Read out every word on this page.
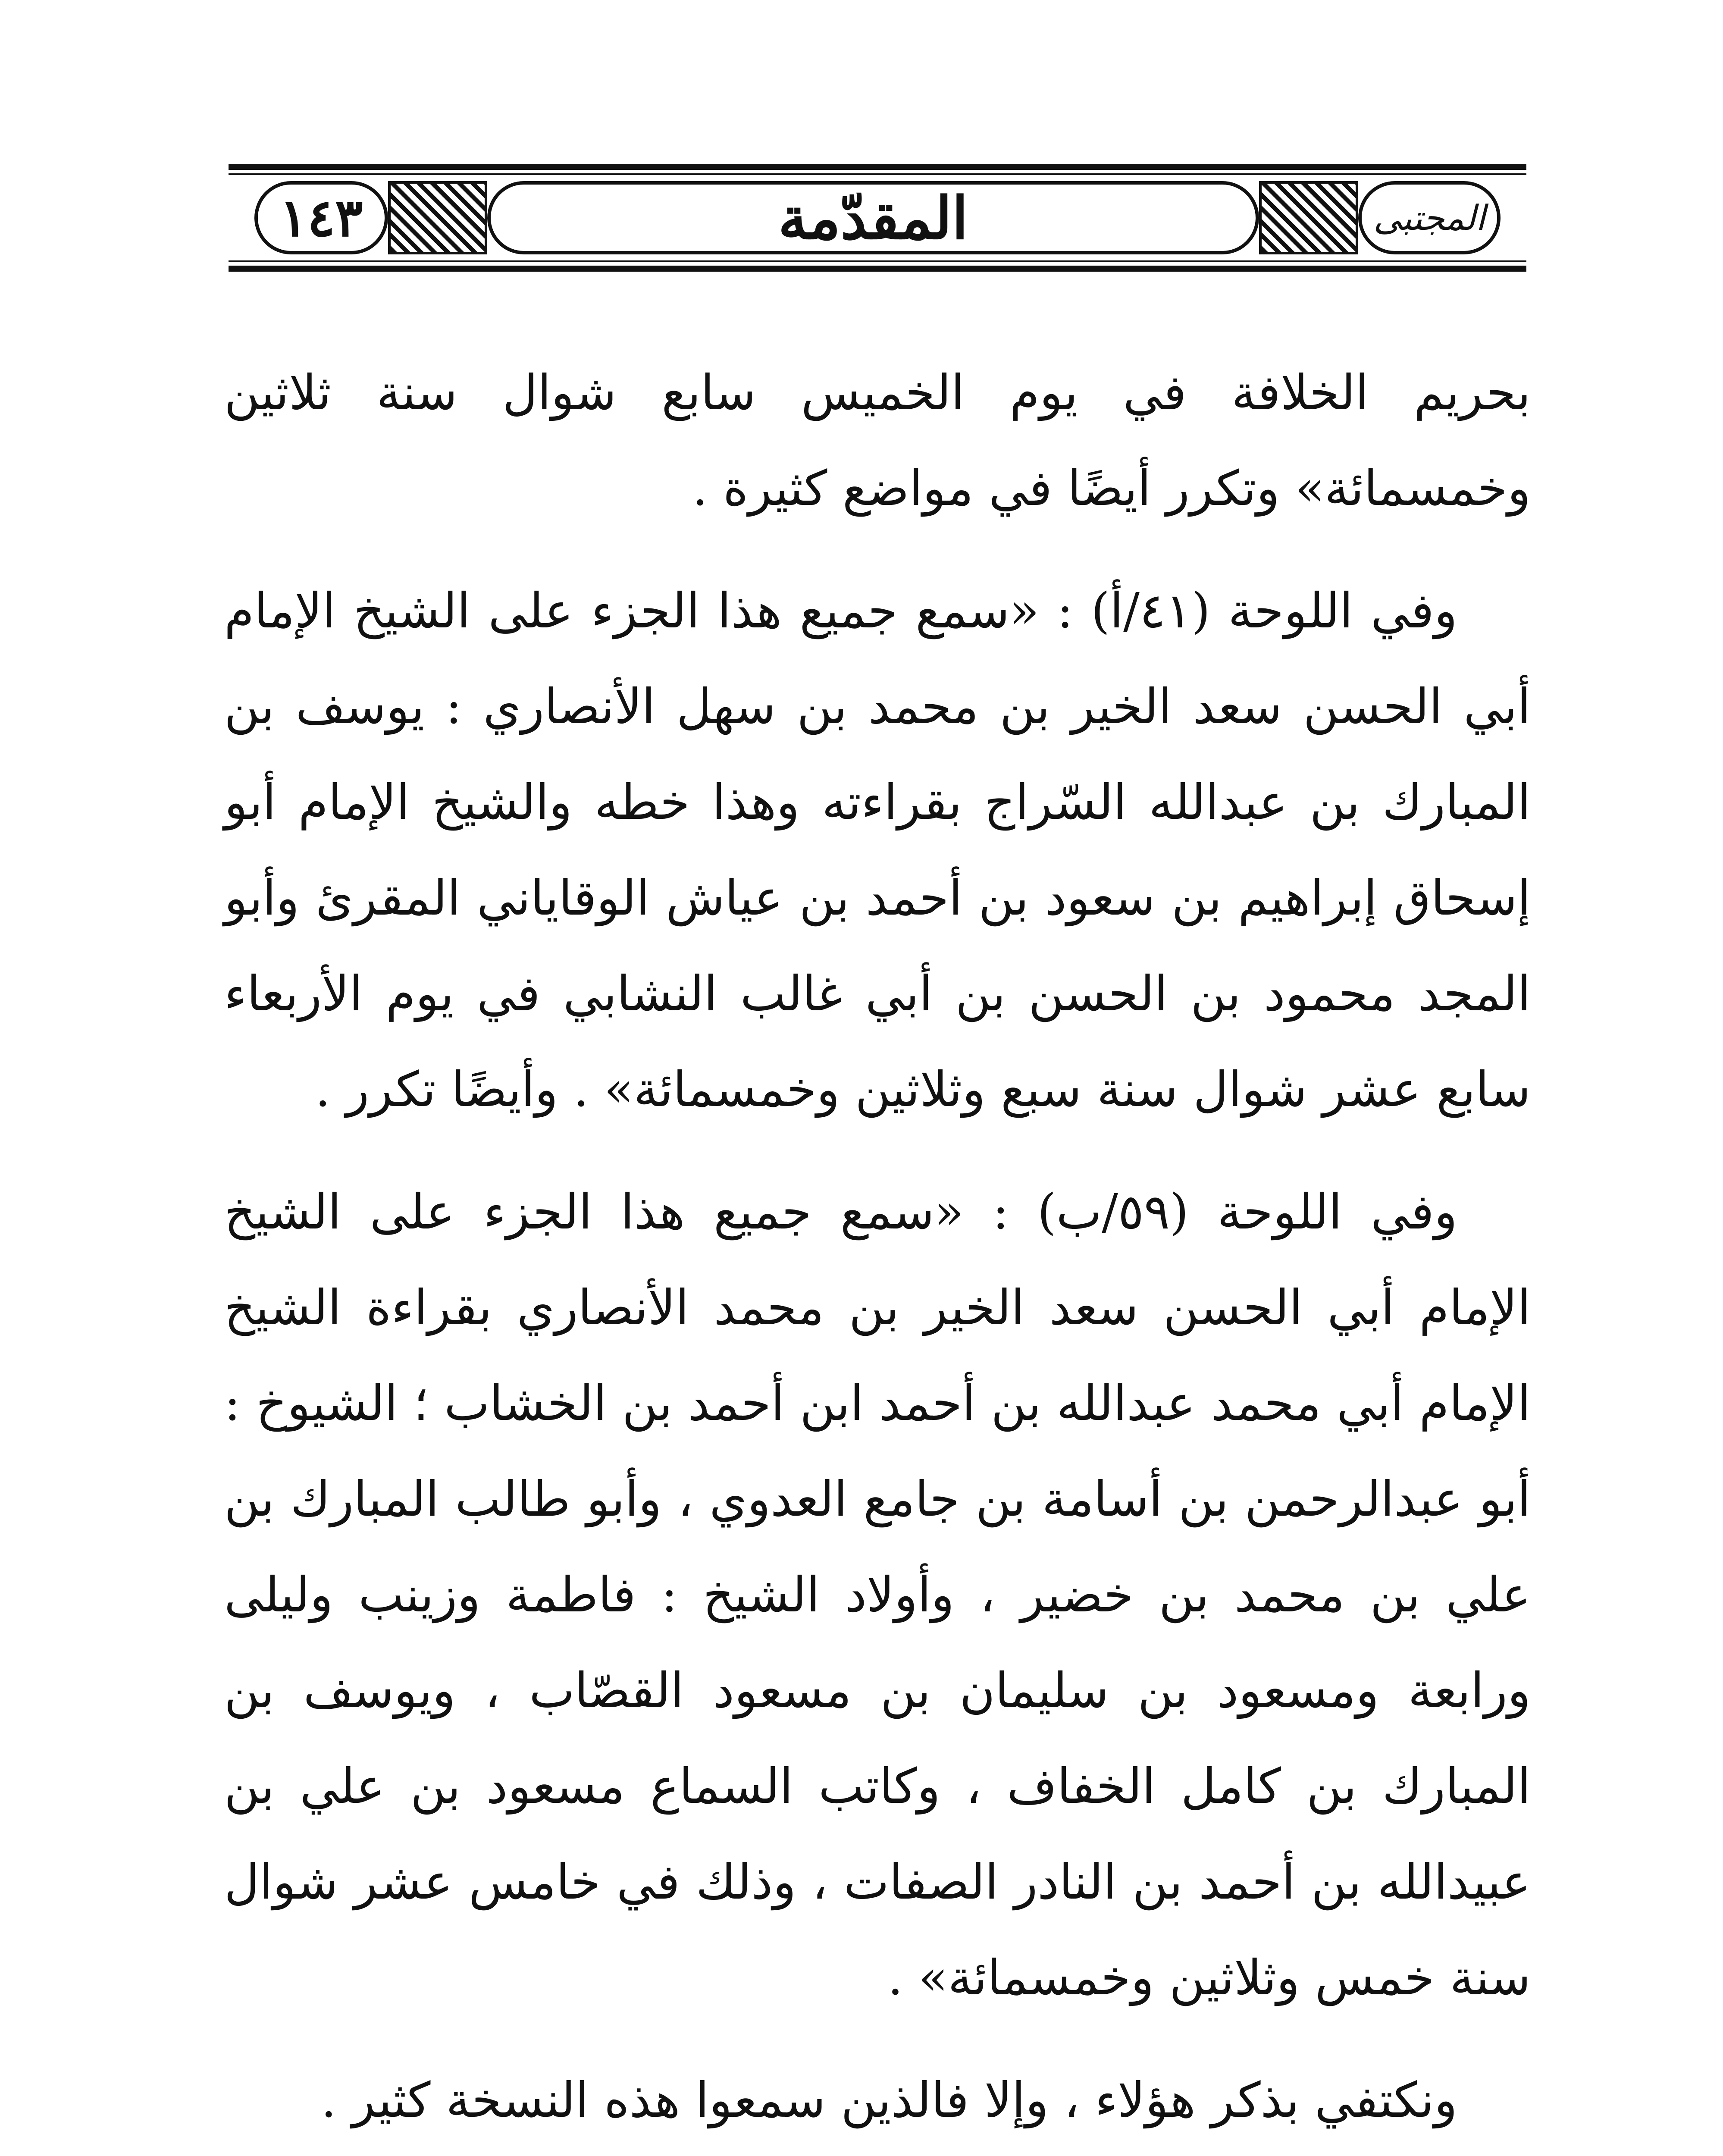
١٤٣	المقدّمة	المجتبى

بحريم الخلافة في يوم الخميس سابع شوال سنة ثلاثين وخمسمائة» وتكرر أيضًا في مواضع كثيرة .

وفي اللوحة (٤١/أ) : «سمع جميع هذا الجزء على الشيخ الإمام أبي الحسن سعد الخير بن محمد بن سهل الأنصاري : يوسف بن المبارك بن عبدالله السّراج بقراءته وهذا خطه والشيخ الإمام أبو إسحاق إبراهيم بن سعود بن أحمد بن عياش الوقاياني المقرئ وأبو المجد محمود بن الحسن بن أبي غالب النشابي في يوم الأربعاء سابع عشر شوال سنة سبع وثلاثين وخمسمائة» . وأيضًا تكرر .

وفي اللوحة (٥٩/ب) : «سمع جميع هذا الجزء على الشيخ الإمام أبي الحسن سعد الخير بن محمد الأنصاري بقراءة الشيخ الإمام أبي محمد عبدالله بن أحمد ابن أحمد بن الخشاب ؛ الشيوخ : أبو عبدالرحمن بن أسامة بن جامع العدوي ، وأبو طالب المبارك بن علي بن محمد بن خضير ، وأولاد الشيخ : فاطمة وزينب وليلى ورابعة ومسعود بن سليمان بن مسعود القصّاب ، ويوسف بن المبارك بن كامل الخفاف ، وكاتب السماع مسعود بن علي بن عبيدالله بن أحمد بن النادر الصفات ، وذلك في خامس عشر شوال سنة خمس وثلاثين وخمسمائة» .

ونكتفي بذكر هؤلاء ، وإلا فالذين سمعوا هذه النسخة كثير .
